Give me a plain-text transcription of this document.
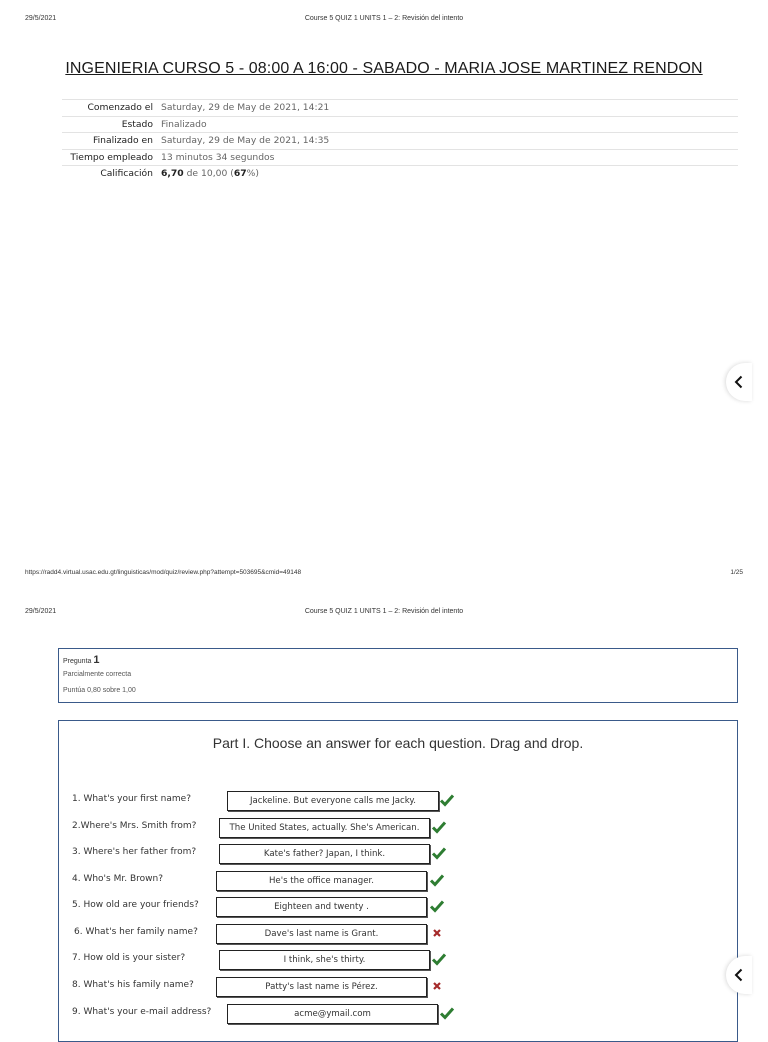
29/5/2021	Course 5 QUIZ 1 UNITS 1 – 2: Revisión del intento
INGENIERIA CURSO 5 - 08:00 A 16:00 - SABADO - MARIA JOSE MARTINEZ RENDON
Comenzado el	Saturday, 29 de May de 2021, 14:21
Estado	Finalizado
Finalizado en	Saturday, 29 de May de 2021, 14:35
Tiempo empleado	13 minutos 34 segundos
Calificación	6,70 de 10,00 (67%)
https://radd4.virtual.usac.edu.gt/linguisticas/mod/quiz/review.php?attempt=503695&cmid=49148	1/25
29/5/2021	Course 5 QUIZ 1 UNITS 1 – 2: Revisión del intento
Pregunta 1
Parcialmente correcta
Puntúa 0,80 sobre 1,00
Part I. Choose an answer for each question. Drag and drop.
1. What's your first name?	Jackeline. But everyone calls me Jacky.
2.Where's Mrs. Smith from?	The United States, actually. She's American.
3. Where's her father from?	Kate's father? Japan, I think.
4. Who's Mr. Brown?	He's the office manager.
5. How old are your friends?	Eighteen and twenty .
6. What's her family name?	Dave's last name is Grant.
7. How old is your sister?	I think, she's thirty.
8. What's his family name?	Patty's last name is Pérez.
9. What's your e-mail address?	acme@ymail.com
